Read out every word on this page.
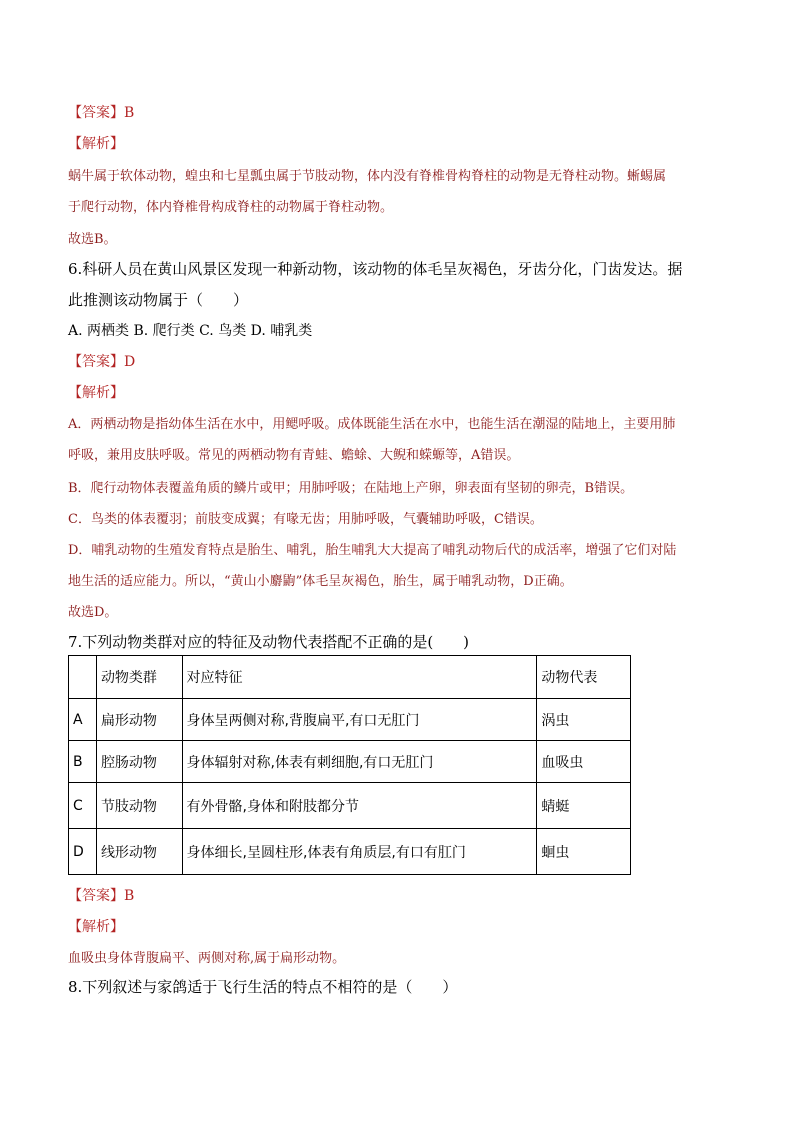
【答案】B
【解析】
蜗牛属于软体动物，蝗虫和七星瓢虫属于节肢动物，体内没有脊椎骨构脊柱的动物是无脊柱动物。蜥蜴属
于爬行动物，体内脊椎骨构成脊柱的动物属于脊柱动物。
故选B。
6.科研人员在黄山风景区发现一种新动物，该动物的体毛呈灰褐色，牙齿分化，门齿发达。据
此推测该动物属于（　　）
A. 两栖类 B. 爬行类 C. 鸟类 D. 哺乳类
【答案】D
【解析】
A．两栖动物是指幼体生活在水中，用鳃呼吸。成体既能生活在水中，也能生活在潮湿的陆地上，主要用肺
呼吸，兼用皮肤呼吸。常见的两栖动物有青蛙、蟾蜍、大鲵和蝾螈等，A错误。
B．爬行动物体表覆盖角质的鳞片或甲；用肺呼吸；在陆地上产卵，卵表面有坚韧的卵壳，B错误。
C．鸟类的体表覆羽；前肢变成翼；有喙无齿；用肺呼吸，气囊辅助呼吸，C错误。
D．哺乳动物的生殖发育特点是胎生、哺乳，胎生哺乳大大提高了哺乳动物后代的成活率，增强了它们对陆
地生活的适应能力。所以，“黄山小麝鼩”体毛呈灰褐色，胎生，属于哺乳动物，D正确。
故选D。
7.下列动物类群对应的特征及动物代表搭配不正确的是(　　)
	动物类群	对应特征	动物代表
A	扁形动物	身体呈两侧对称,背腹扁平,有口无肛门	涡虫
B	腔肠动物	身体辐射对称,体表有刺细胞,有口无肛门	血吸虫
C	节肢动物	有外骨骼,身体和附肢都分节	蜻蜓
D	线形动物	身体细长,呈圆柱形,体表有角质层,有口有肛门	蛔虫
【答案】B
【解析】
血吸虫身体背腹扁平、两侧对称,属于扁形动物。
8.下列叙述与家鸽适于飞行生活的特点不相符的是（　　）
